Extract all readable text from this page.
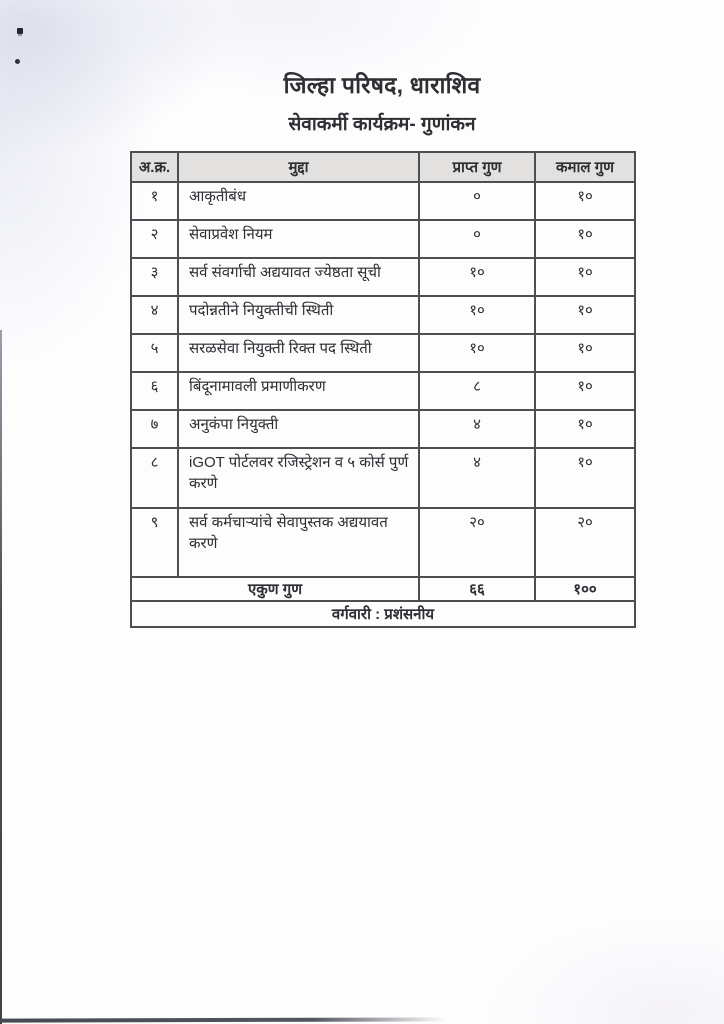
जिल्हा परिषद, धाराशिव
सेवाकर्मी कार्यक्रम- गुणांकन
अ.क्र.	मुद्दा	प्राप्त गुण	कमाल गुण
१	आकृतीबंध	०	१०
२	सेवाप्रवेश नियम	०	१०
३	सर्व संवर्गाची अद्ययावत ज्येष्ठता सूची	१०	१०
४	पदोन्नतीने नियुक्तीची स्थिती	१०	१०
५	सरळसेवा नियुक्ती रिक्त पद स्थिती	१०	१०
६	बिंदूनामावली प्रमाणीकरण	८	१०
७	अनुकंपा नियुक्ती	४	१०
८	iGOT पोर्टलवर रजिस्ट्रेशन व ५ कोर्स पुर्ण करणे	४	१०
९	सर्व कर्मचाऱ्यांचे सेवापुस्तक अद्ययावत करणे	२०	२०
एकुण गुण		६६	१००
वर्गवारी : प्रशंसनीय			
